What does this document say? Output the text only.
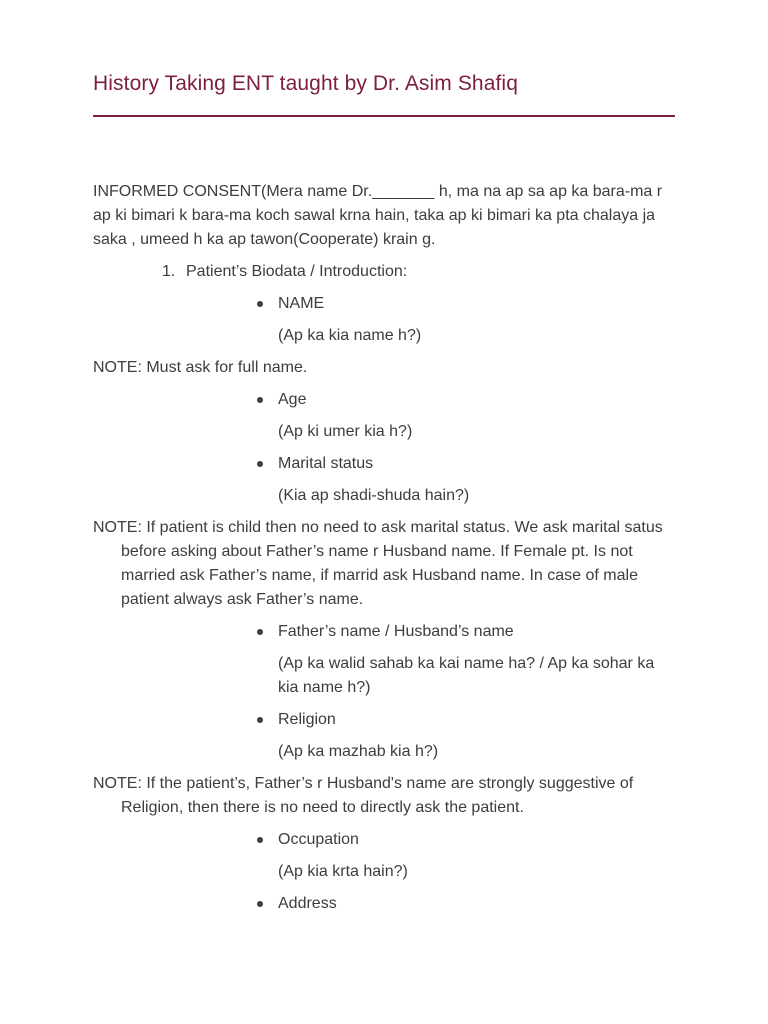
History Taking ENT taught by Dr. Asim Shafiq

INFORMED CONSENT(Mera name Dr._______ h, ma na ap sa ap ka bara-ma r ap ki bimari k bara-ma koch sawal krna hain, taka ap ki bimari ka pta chalaya ja saka , umeed h ka ap tawon(Cooperate) krain g.

1. Patient’s Biodata / Introduction:
NAME
(Ap ka kia name h?)

NOTE: Must ask for full name.

Age
(Ap ki umer kia h?)
Marital status
(Kia ap shadi-shuda hain?)

NOTE: If patient is child then no need to ask marital status. We ask marital satus before asking about Father’s name r Husband name. If Female pt. Is not married ask Father’s name, if marrid ask Husband name. In case of male patient always ask Father’s name.

Father’s name / Husband’s name
(Ap ka walid sahab ka kai name ha? / Ap ka sohar ka kia name h?)
Religion
(Ap ka mazhab kia h?)

NOTE: If the patient’s, Father’s r Husband's name are strongly suggestive of Religion, then there is no need to directly ask the patient.

Occupation
(Ap kia krta hain?)
Address
